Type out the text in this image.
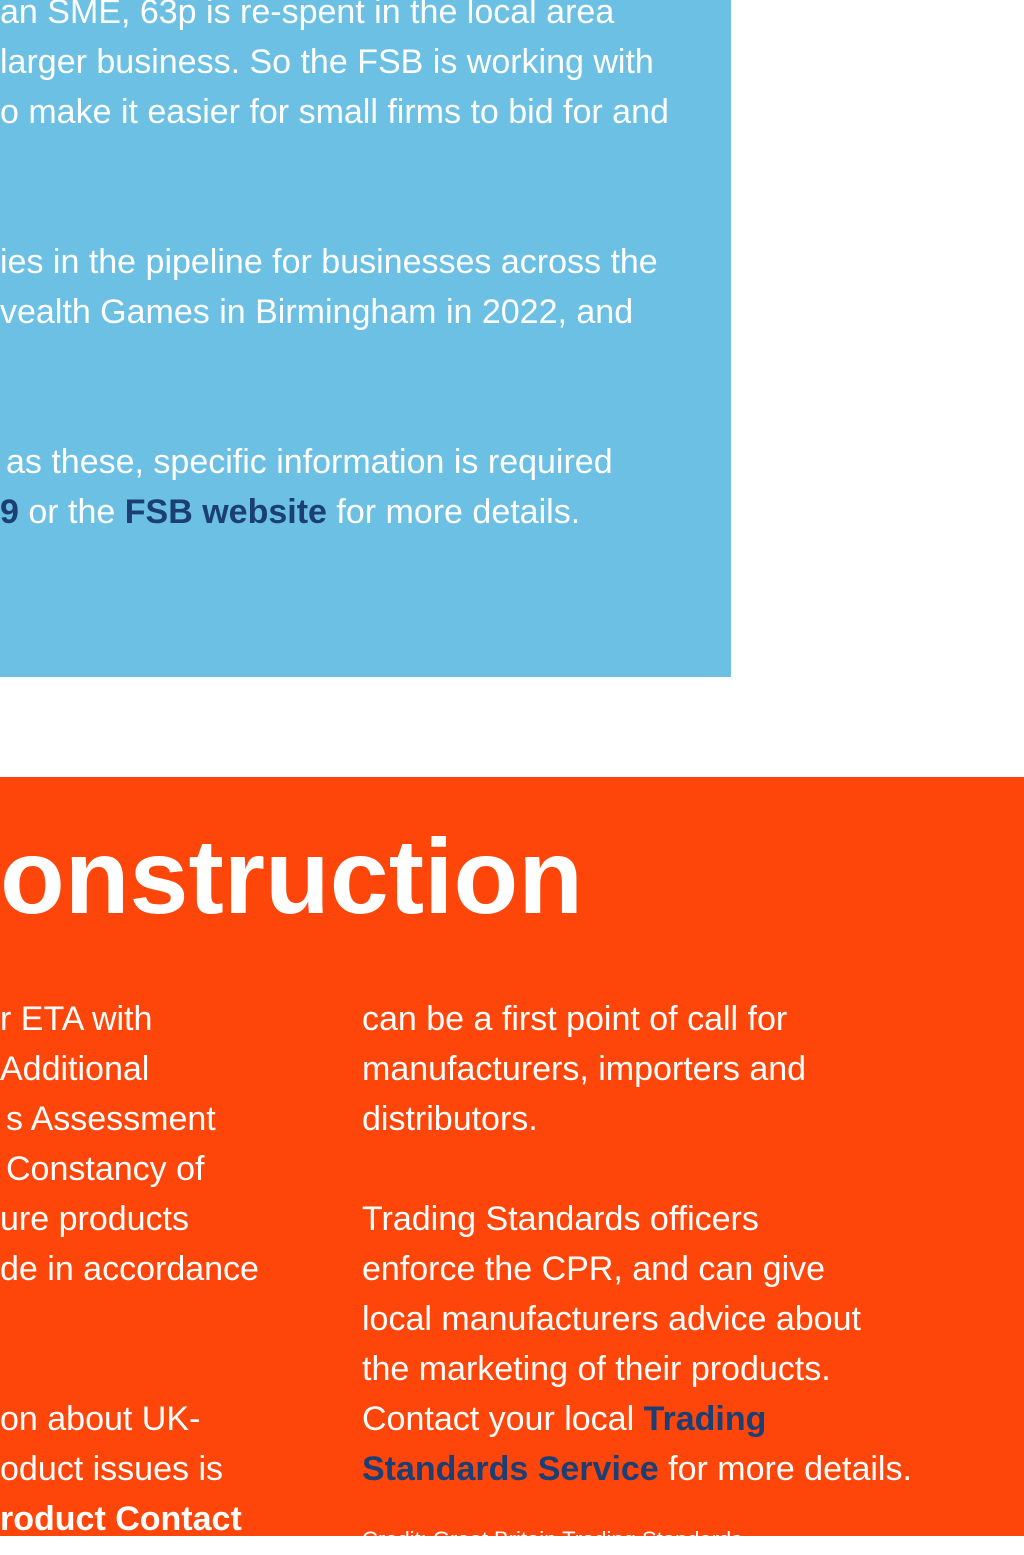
an SME, 63p is re-spent in the local area
larger business. So the FSB is working with
o make it easier for small firms to bid for and
ies in the pipeline for businesses across the
vealth Games in Birmingham in 2022, and
as these, specific information is required
9 or the FSB website for more details.
onstruction
r ETA with
Additional
s Assessment
Constancy of
ure products
de in accordance
on about UK-
oduct issues is
roduct Contact
can be a first point of call for
manufacturers, importers and
distributors.
Trading Standards officers
enforce the CPR, and can give
local manufacturers advice about
the marketing of their products.
Contact your local Trading
Standards Service for more details.
Credit: Great Britain Trading Standards
